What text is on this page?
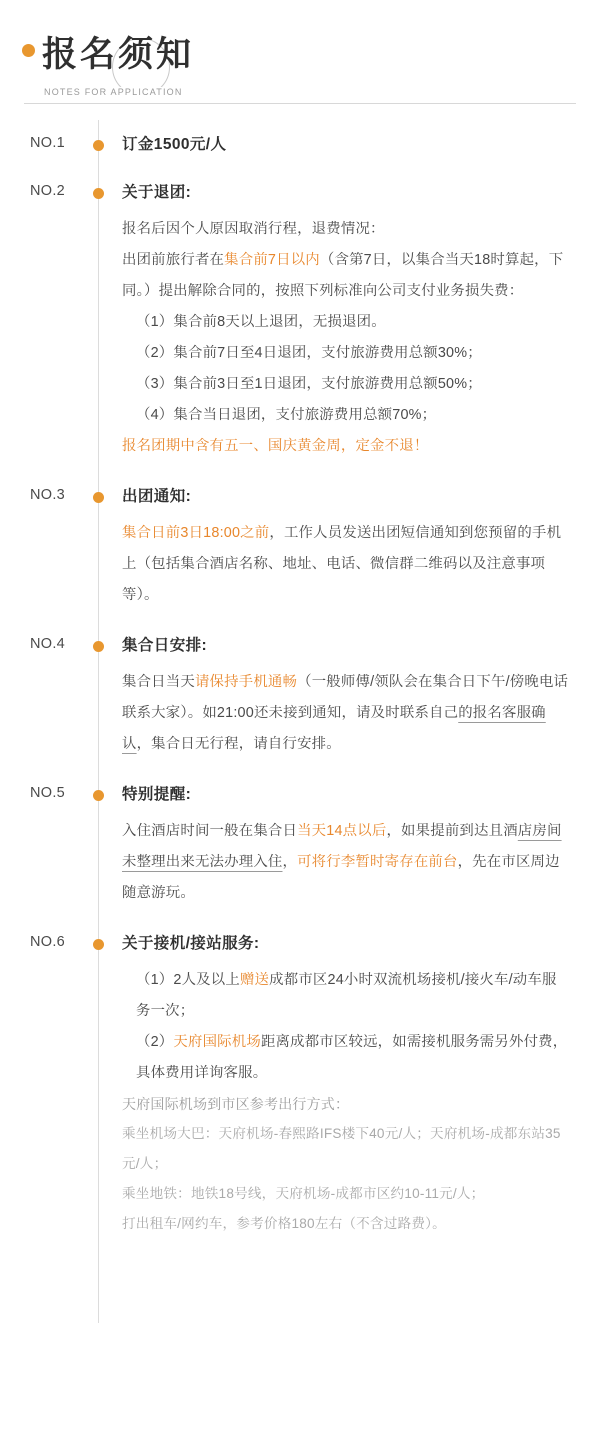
报名须知
NOTES FOR APPLICATION
NO.1	订金1500元/人
NO.2	关于退团:

报名后因个人原因取消行程，退费情况：

出团前旅行者在集合前7日以内（含第7日，以集合当天18时算起，下同。）提出解除合同的，按照下列标准向公司支付业务损失费：

（1）集合前8天以上退团，无损退团。

（2）集合前7日至4日退团，支付旅游费用总额30%；

（3）集合前3日至1日退团，支付旅游费用总额50%；

（4）集合当日退团，支付旅游费用总额70%；

报名团期中含有五一、国庆黄金周，定金不退！

NO.3	出团通知:

集合日前3日18:00之前，工作人员发送出团短信通知到您预留的手机上（包括集合酒店名称、地址、电话、微信群二维码以及注意事项等）。

NO.4	集合日安排:

集合日当天请保持手机通畅（一般师傅/领队会在集合日下午/傍晚电话联系大家）。如21:00还未接到通知，请及时联系自己的报名客服确认，集合日无行程，请自行安排。

NO.5	特别提醒:

入住酒店时间一般在集合日当天14点以后，如果提前到达且酒店房间未整理出来无法办理入住，可将行李暂时寄存在前台，先在市区周边随意游玩。

NO.6	关于接机/接站服务:

（1）2人及以上赠送成都市区24小时双流机场接机/接火车/动车服务一次；

（2）天府国际机场距离成都市区较远，如需接机服务需另外付费，具体费用详询客服。

天府国际机场到市区参考出行方式：

乘坐机场大巴：天府机场-春熙路IFS楼下40元/人；天府机场-成都东站35元/人；

乘坐地铁：地铁18号线，天府机场-成都市区约10-11元/人；

打出租车/网约车，参考价格180左右（不含过路费）。
